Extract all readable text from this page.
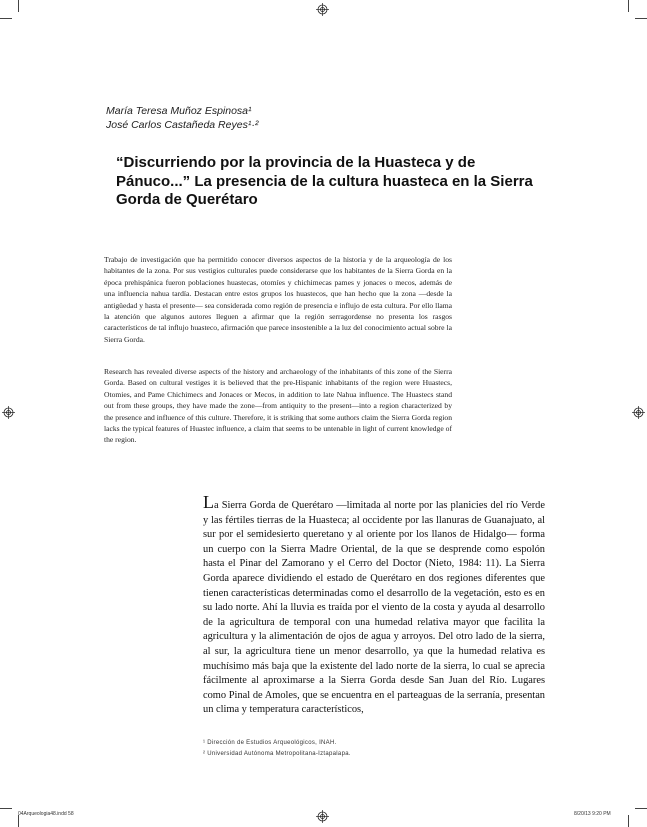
María Teresa Muñoz Espinosa¹
José Carlos Castañeda Reyes¹·²
“Discurriendo por la provincia de la Huasteca y de Pánuco...” La presencia de la cultura huasteca en la Sierra Gorda de Querétaro
Trabajo de investigación que ha permitido conocer diversos aspectos de la historia y de la arqueología de los habitantes de la zona. Por sus vestigios culturales puede considerarse que los habitantes de la Sierra Gorda en la época prehispánica fueron poblaciones huastecas, otomíes y chichimecas pames y jonaces o mecos, además de una influencia nahua tardía. Destacan entre estos grupos los huastecos, que han hecho que la zona —desde la antigüedad y hasta el presente— sea considerada como región de presencia e influjo de esta cultura. Por ello llama la atención que algunos autores lleguen a afirmar que la región serragordense no presenta los rasgos característicos de tal influjo huasteco, afirmación que parece insostenible a la luz del conocimiento actual sobre la Sierra Gorda.
Research has revealed diverse aspects of the history and archaeology of the inhabitants of this zone of the Sierra Gorda. Based on cultural vestiges it is believed that the pre-Hispanic inhabitants of the region were Huastecs, Otomies, and Pame Chichimecs and Jonaces or Mecos, in addition to late Nahua influence. The Huastecs stand out from these groups, they have made the zone—from antiquity to the present—into a region characterized by the presence and influence of this culture. Therefore, it is striking that some authors claim the Sierra Gorda region lacks the typical features of Huastec influence, a claim that seems to be untenable in light of current knowledge of the region.
La Sierra Gorda de Querétaro —limitada al norte por las planicies del río Verde y las fértiles tierras de la Huasteca; al occidente por las llanuras de Guanajuato, al sur por el semidesierto queretano y al oriente por los llanos de Hidalgo— forma un cuerpo con la Sierra Madre Oriental, de la que se desprende como espolón hasta el Pinar del Zamorano y el Cerro del Doctor (Nieto, 1984: 11). La Sierra Gorda aparece dividiendo el estado de Querétaro en dos regiones diferentes que tienen características determinadas como el desarrollo de la vegetación, esto es en su lado norte. Ahí la lluvia es traída por el viento de la costa y ayuda al desarrollo de la agricultura de temporal con una humedad relativa mayor que facilita la agricultura y la alimentación de ojos de agua y arroyos. Del otro lado de la sierra, al sur, la agricultura tiene un menor desarrollo, ya que la humedad relativa es muchísimo más baja que la existente del lado norte de la sierra, lo cual se aprecia fácilmente al aproximarse a la Sierra Gorda desde San Juan del Río. Lugares como Pinal de Amoles, que se encuentra en el parteaguas de la serranía, presentan un clima y temperatura característicos,
¹ Dirección de Estudios Arqueológicos, INAH.
² Universidad Autónoma Metropolitana-Iztapalapa.
04Arqueologia48.indd 58	8/20/13 9:20 PM
